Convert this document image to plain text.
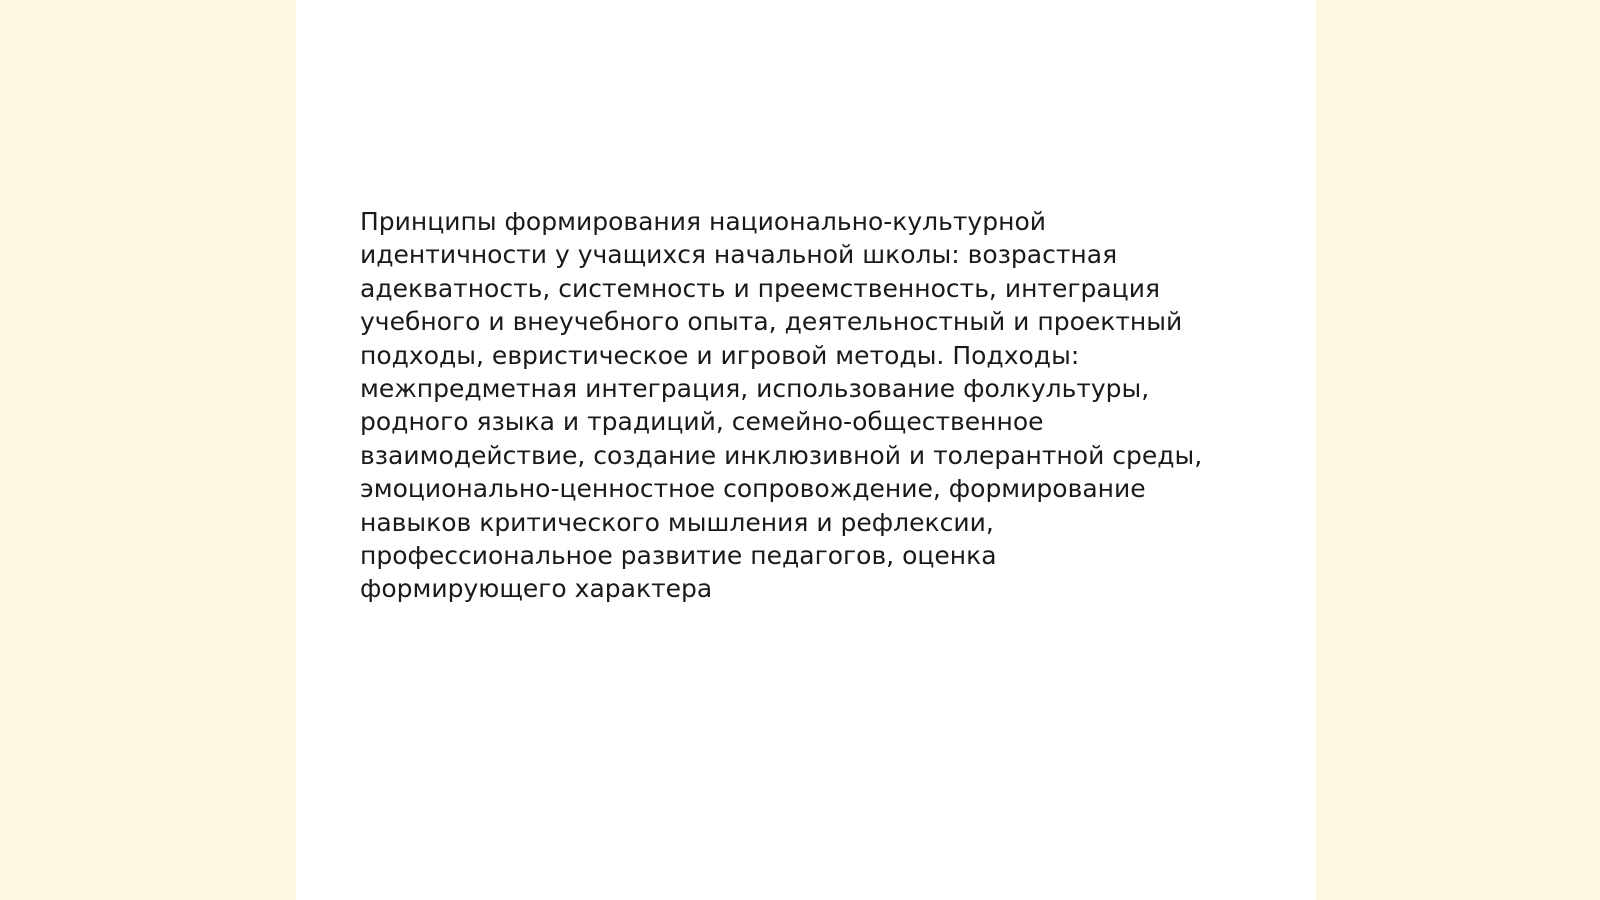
Принципы формирования национально-культурной
идентичности у учащихся начальной школы: возрастная
адекватность, системность и преемственность, интеграция
учебного и внеучебного опыта, деятельностный и проектный
подходы, евристическое и игровой методы. Подходы:
межпредметная интеграция, использование фолкультуры,
родного языка и традиций, семейно-общественное
взаимодействие, создание инклюзивной и толерантной среды,
эмоционально-ценностное сопровождение, формирование
навыков критического мышления и рефлексии,
профессиональное развитие педагогов, оценка
формирующего характера
